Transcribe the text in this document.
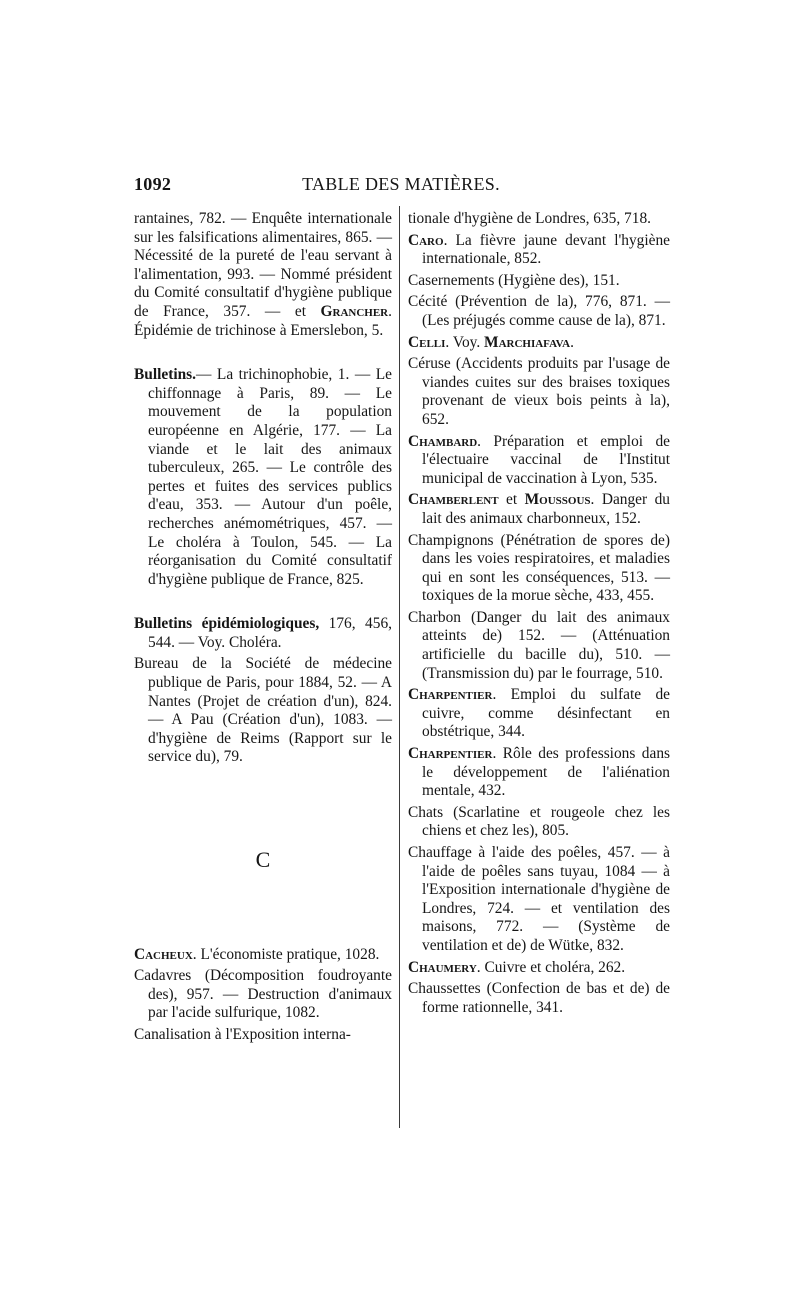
1092	TABLE DES MATIÈRES.

rantaines, 782. — Enquête internationale sur les falsifications alimentaires, 865. — Nécessité de la pureté de l'eau servant à l'alimentation, 993. — Nommé président du Comité consultatif d'hygiène publique de France, 357. — et Grancher. Épidémie de trichinose à Emerslebon, 5.

Bulletins.— La trichinophobie, 1. — Le chiffonnage à Paris, 89. — Le mouvement de la population européenne en Algérie, 177. — La viande et le lait des animaux tuberculeux, 265. — Le contrôle des pertes et fuites des services publics d'eau, 353. — Autour d'un poêle, recherches anémométriques, 457. — Le choléra à Toulon, 545. — La réorganisation du Comité consultatif d'hygiène publique de France, 825.

Bulletins épidémiologiques, 176, 456, 544. — Voy. Choléra.

Bureau de la Société de médecine publique de Paris, pour 1884, 52. — A Nantes (Projet de création d'un), 824. — A Pau (Création d'un), 1083. — d'hygiène de Reims (Rapport sur le service du), 79.

C

Cacheux. L'économiste pratique, 1028.

Cadavres (Décomposition foudroyante des), 957. — Destruction d'animaux par l'acide sulfurique, 1082.

Canalisation à l'Exposition interna-

tionale d'hygiène de Londres, 635, 718.

Caro. La fièvre jaune devant l'hygiène internationale, 852.

Casernements (Hygiène des), 151.

Cécité (Prévention de la), 776, 871. — (Les préjugés comme cause de la), 871.

Celli. Voy. Marchiafava.

Céruse (Accidents produits par l'usage de viandes cuites sur des braises toxiques provenant de vieux bois peints à la), 652.

Chambard. Préparation et emploi de l'électuaire vaccinal de l'Institut municipal de vaccination à Lyon, 535.

Chamberlent et Moussous. Danger du lait des animaux charbonneux, 152.

Champignons (Pénétration de spores de) dans les voies respiratoires, et maladies qui en sont les conséquences, 513. — toxiques de la morue sèche, 433, 455.

Charbon (Danger du lait des animaux atteints de) 152. — (Atténuation artificielle du bacille du), 510. — (Transmission du) par le fourrage, 510.

Charpentier. Emploi du sulfate de cuivre, comme désinfectant en obstétrique, 344.

Charpentier. Rôle des professions dans le développement de l'aliénation mentale, 432.

Chats (Scarlatine et rougeole chez les chiens et chez les), 805.

Chauffage à l'aide des poêles, 457. — à l'aide de poêles sans tuyau, 1084 — à l'Exposition internationale d'hygiène de Londres, 724. — et ventilation des maisons, 772. — (Système de ventilation et de) de Wütke, 832.

Chaumery. Cuivre et choléra, 262.

Chaussettes (Confection de bas et de) de forme rationnelle, 341.
